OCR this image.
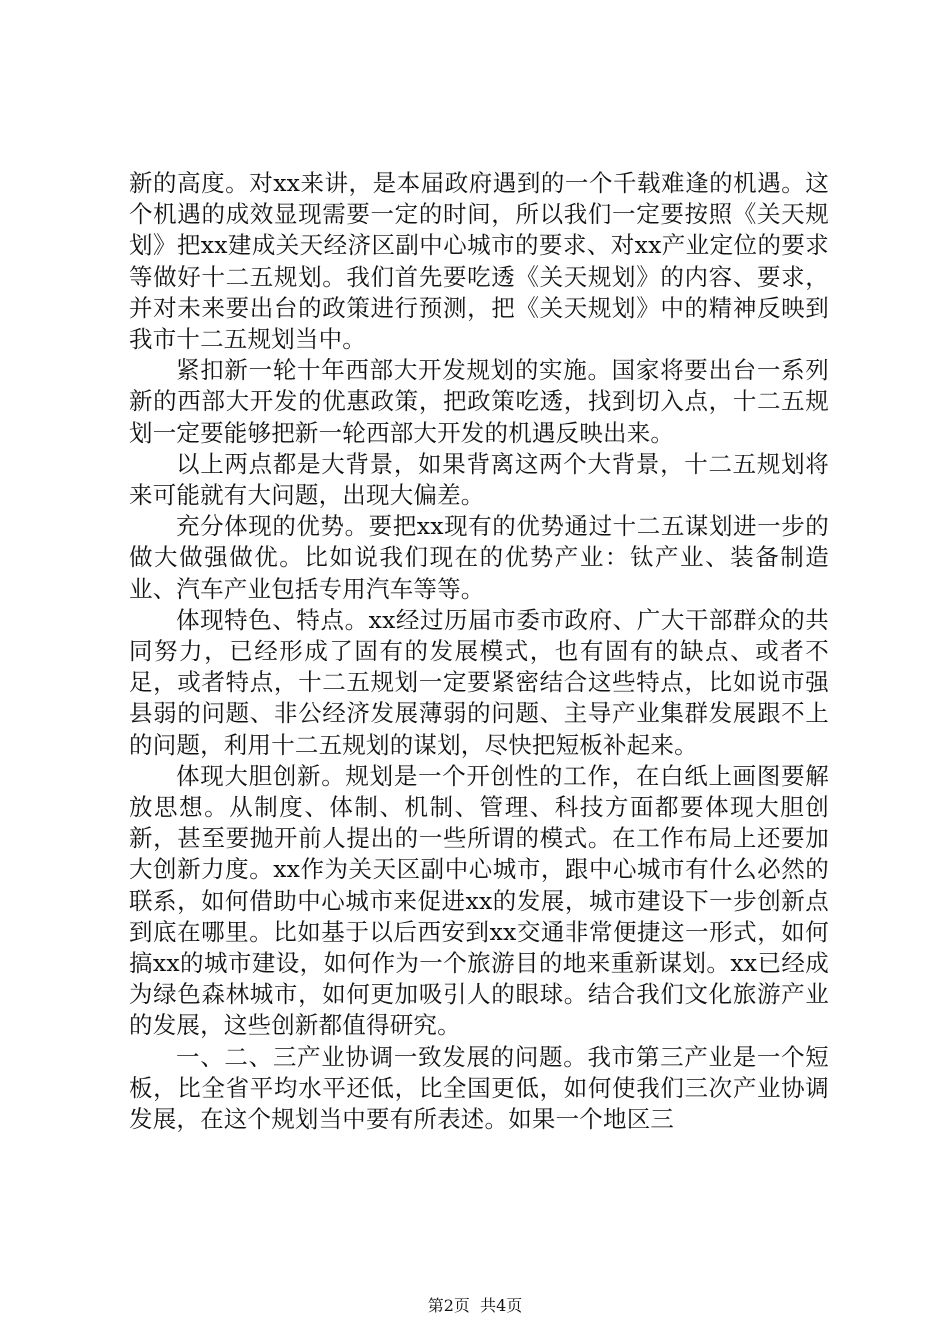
新的高度。对xx来讲，是本届政府遇到的一个千载难逢的机遇。这个机遇的成效显现需要一定的时间，所以我们一定要按照《关天规划》把xx建成关天经济区副中心城市的要求、对xx产业定位的要求等做好十二五规划。我们首先要吃透《关天规划》的内容、要求，并对未来要出台的政策进行预测，把《关天规划》中的精神反映到我市十二五规划当中。

紧扣新一轮十年西部大开发规划的实施。国家将要出台一系列新的西部大开发的优惠政策，把政策吃透，找到切入点，十二五规划一定要能够把新一轮西部大开发的机遇反映出来。

以上两点都是大背景，如果背离这两个大背景，十二五规划将来可能就有大问题，出现大偏差。

充分体现的优势。要把xx现有的优势通过十二五谋划进一步的做大做强做优。比如说我们现在的优势产业：钛产业、装备制造业、汽车产业包括专用汽车等等。

体现特色、特点。xx经过历届市委市政府、广大干部群众的共同努力，已经形成了固有的发展模式，也有固有的缺点、或者不足，或者特点，十二五规划一定要紧密结合这些特点，比如说市强县弱的问题、非公经济发展薄弱的问题、主导产业集群发展跟不上的问题，利用十二五规划的谋划，尽快把短板补起来。

体现大胆创新。规划是一个开创性的工作，在白纸上画图要解放思想。从制度、体制、机制、管理、科技方面都要体现大胆创新，甚至要抛开前人提出的一些所谓的模式。在工作布局上还要加大创新力度。xx作为关天区副中心城市，跟中心城市有什么必然的联系，如何借助中心城市来促进xx的发展，城市建设下一步创新点到底在哪里。比如基于以后西安到xx交通非常便捷这一形式，如何搞xx的城市建设，如何作为一个旅游目的地来重新谋划。xx已经成为绿色森林城市，如何更加吸引人的眼球。结合我们文化旅游产业的发展，这些创新都值得研究。

一、二、三产业协调一致发展的问题。我市第三产业是一个短板，比全省平均水平还低，比全国更低，如何使我们三次产业协调发展，在这个规划当中要有所表述。如果一个地区三

第2页 共4页
